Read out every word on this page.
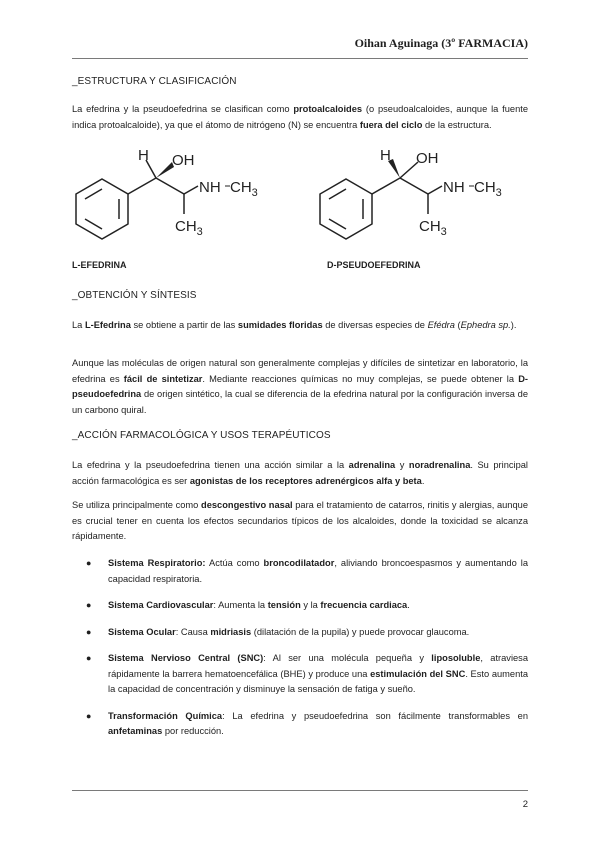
Oihan Aguinaga (3º FARMACIA)
_ESTRUCTURA Y CLASIFICACIÓN
La efedrina y la pseudoefedrina se clasifican como protoalcaloides (o pseudoalcaloides, aunque la fuente indica protoalcaloide), ya que el átomo de nitrógeno (N) se encuentra fuera del ciclo de la estructura.
H OH
NH $CH_3$
$CH_3$
L-EFEDRINA
H OH
NH $CH_3$
$CH_3$
D-PSEUDOEFEDRINA
_OBTENCIÓN Y SÍNTESIS
La L-Efedrina se obtiene a partir de las sumidades floridas de diversas especies de Efédra (Ephedra sp.).
Aunque las moléculas de origen natural son generalmente complejas y difíciles de sintetizar en laboratorio, la efedrina es fácil de sintetizar. Mediante reacciones químicas no muy complejas, se puede obtener la D-pseudoefedrina de origen sintético, la cual se diferencia de la efedrina natural por la configuración inversa de un carbono quiral.
_ACCIÓN FARMACOLÓGICA Y USOS TERAPÉUTICOS
La efedrina y la pseudoefedrina tienen una acción similar a la adrenalina y noradrenalina. Su principal acción farmacológica es ser agonistas de los receptores adrenérgicos alfa y beta.
Se utiliza principalmente como descongestivo nasal para el tratamiento de catarros, rinitis y alergias, aunque es crucial tener en cuenta los efectos secundarios típicos de los alcaloides, donde la toxicidad se alcanza rápidamente.
● Sistema Respiratorio: Actúa como broncodilatador, aliviando broncoespasmos y aumentando la capacidad respiratoria.
● Sistema Cardiovascular: Aumenta la tensión y la frecuencia cardiaca.
● Sistema Ocular: Causa midriasis (dilatación de la pupila) y puede provocar glaucoma.
● Sistema Nervioso Central (SNC): Al ser una molécula pequeña y liposoluble, atraviesa rápidamente la barrera hematoencefálica (BHE) y produce una estimulación del SNC. Esto aumenta la capacidad de concentración y disminuye la sensación de fatiga y sueño.
● Transformación Química: La efedrina y pseudoefedrina son fácilmente transformables en anfetaminas por reducción.
2
